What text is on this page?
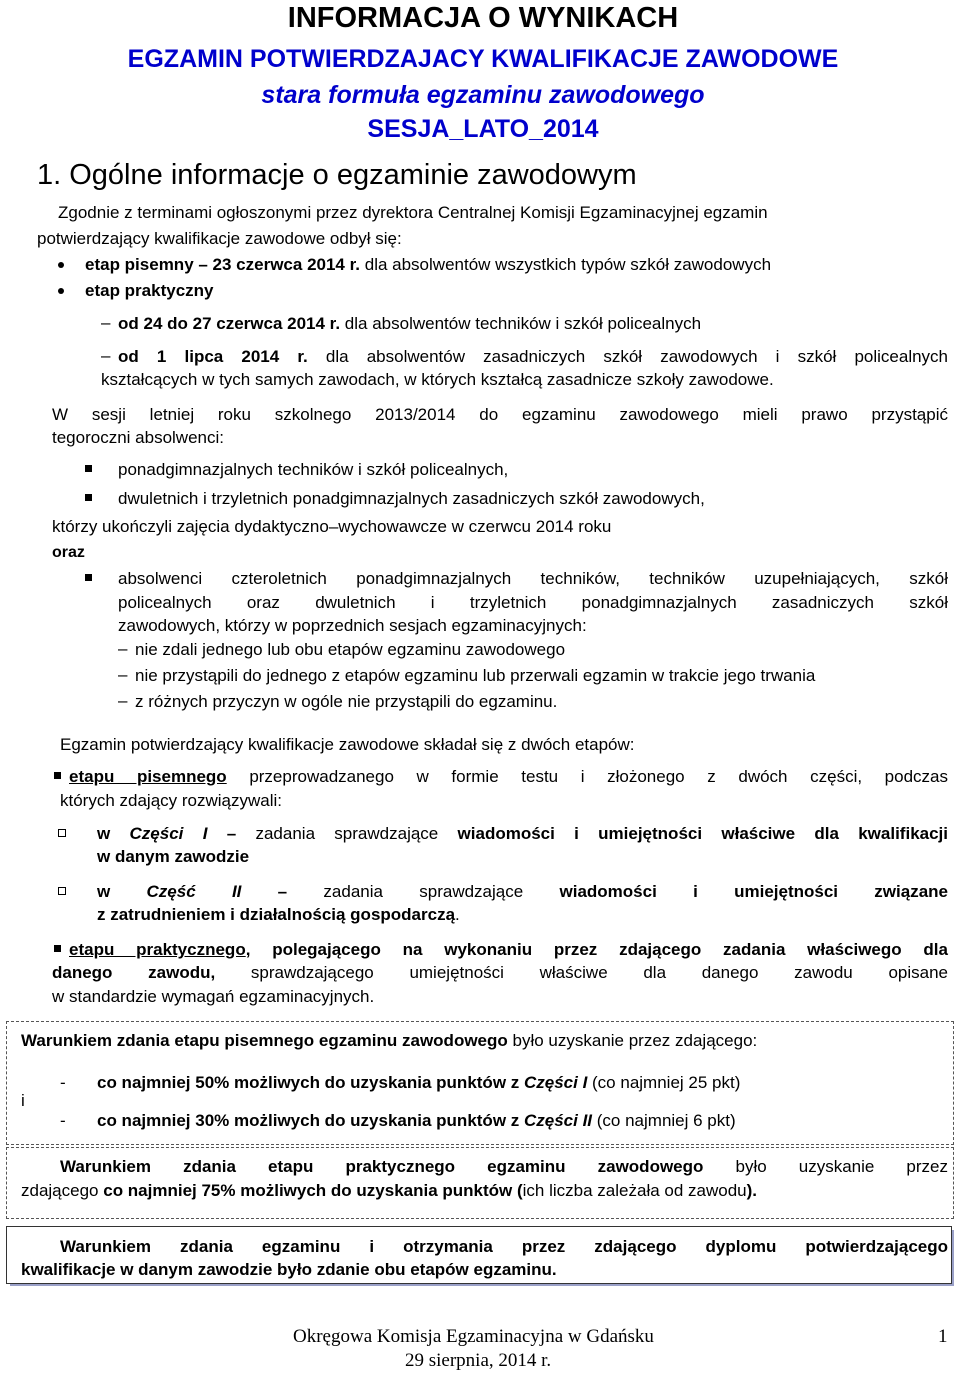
INFORMACJA O WYNIKACH
EGZAMIN POTWIERDZAJACY KWALIFIKACJE ZAWODOWE
stara formuła egzaminu zawodowego
SESJA_LATO_2014
1. Ogólne informacje o egzaminie zawodowym
Zgodnie z terminami ogłoszonymi przez dyrektora Centralnej Komisji Egzaminacyjnej egzamin
potwierdzający kwalifikacje zawodowe odbył się:
etap pisemny – 23 czerwca 2014 r. dla absolwentów wszystkich typów szkół zawodowych
etap praktyczny
– od 24 do 27 czerwca 2014 r. dla absolwentów techników i szkół policealnych
– od 1 lipca 2014 r. dla absolwentów zasadniczych szkół zawodowych i szkół policealnych
kształcących w tych samych zawodach, w których kształcą zasadnicze szkoły zawodowe.
W sesji letniej roku szkolnego 2013/2014 do egzaminu zawodowego mieli prawo przystąpić
tegoroczni absolwenci:
ponadgimnazjalnych techników i szkół policealnych,
dwuletnich i trzyletnich ponadgimnazjalnych zasadniczych szkół zawodowych,
którzy ukończyli zajęcia dydaktyczno–wychowawcze w czerwcu 2014 roku
oraz
absolwenci czteroletnich ponadgimnazjalnych techników, techników uzupełniających, szkół
policealnych oraz dwuletnich i trzyletnich ponadgimnazjalnych zasadniczych szkół
zawodowych, którzy w poprzednich sesjach egzaminacyjnych:
– nie zdali jednego lub obu etapów egzaminu zawodowego
– nie przystąpili do jednego z etapów egzaminu lub przerwali egzamin w trakcie jego trwania
– z różnych przyczyn w ogóle nie przystąpili do egzaminu.
Egzamin potwierdzający kwalifikacje zawodowe składał się z dwóch etapów:
etapu pisemnego przeprowadzanego w formie testu i złożonego z dwóch części, podczas
których zdający rozwiązywali:
w Części I – zadania sprawdzające wiadomości i umiejętności właściwe dla kwalifikacji
w danym zawodzie
w Część II – zadania sprawdzające wiadomości i umiejętności związane
z zatrudnieniem i działalnością gospodarczą.
etapu praktycznego, polegającego na wykonaniu przez zdającego zadania właściwego dla
danego zawodu, sprawdzającego umiejętności właściwe dla danego zawodu opisane
w standardzie wymagań egzaminacyjnych.
Warunkiem zdania etapu pisemnego egzaminu zawodowego było uzyskanie przez zdającego:
i
- co najmniej 50% możliwych do uzyskania punktów z Części I (co najmniej 25 pkt)
- co najmniej 30% możliwych do uzyskania punktów z Części II (co najmniej 6 pkt)
Warunkiem zdania etapu praktycznego egzaminu zawodowego było uzyskanie przez
zdającego co najmniej 75% możliwych do uzyskania punktów (ich liczba zależała od zawodu).
Warunkiem zdania egzaminu i otrzymania przez zdającego dyplomu potwierdzającego
kwalifikacje w danym zawodzie było zdanie obu etapów egzaminu.
Okręgowa Komisja Egzaminacyjna w Gdańsku	1
29 sierpnia, 2014 r.
